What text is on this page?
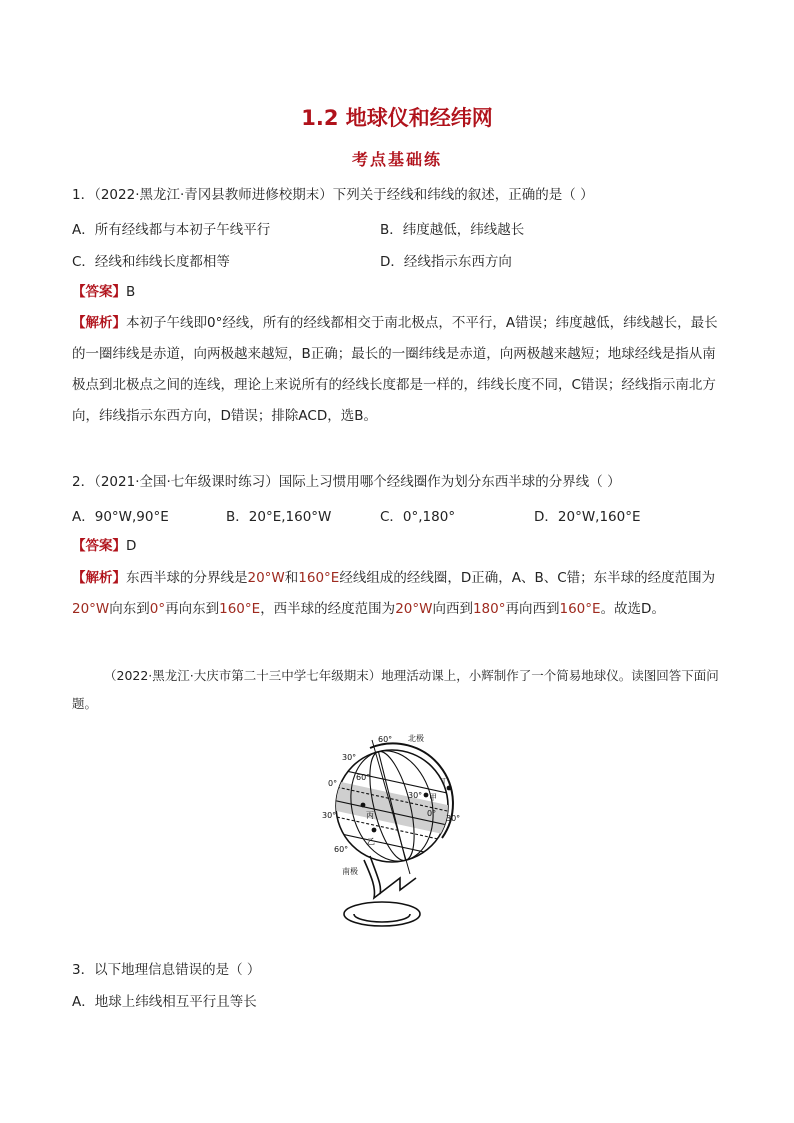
1.2 地球仪和经纬网
考点基础练
1．（2022·黑龙江·青冈县教师进修校期末）下列关于经线和纬线的叙述，正确的是（ ）
A．所有经线都与本初子午线平行	B．纬度越低，纬线越长
C．经线和纬线长度都相等	D．经线指示东西方向
【答案】B
【解析】本初子午线即0°经线，所有的经线都相交于南北极点，不平行，A错误；纬度越低，纬线越长，最长的一圈纬线是赤道，向两极越来越短，B正确；最长的一圈纬线是赤道，向两极越来越短；地球经线是指从南极点到北极点之间的连线，理论上来说所有的经线长度都是一样的，纬线长度不同，C错误；经线指示南北方向，纬线指示东西方向，D错误；排除ACD，选B。
2．（2021·全国·七年级课时练习）国际上习惯用哪个经线圈作为划分东西半球的分界线（ ）
A．90°W,90°E	B．20°E,160°W	C．0°,180°	D．20°W,160°E
【答案】D
【解析】东西半球的分界线是20°W和160°E经线组成的经线圈，D正确，A、B、C错；东半球的经度范围为20°W向东到0°再向东到160°E，西半球的经度范围为20°W向西到180°再向西到160°E。故选D。
（2022·黑龙江·大庆市第二十三中学七年级期末）地理活动课上，小辉制作了一个简易地球仪。读图回答下面问题。
60° 北极
30°
60°
0°	丁
30° 甲
0°
丙
30°	30°
乙
60°
南极
3．以下地理信息错误的是（ ）
A．地球上纬线相互平行且等长
